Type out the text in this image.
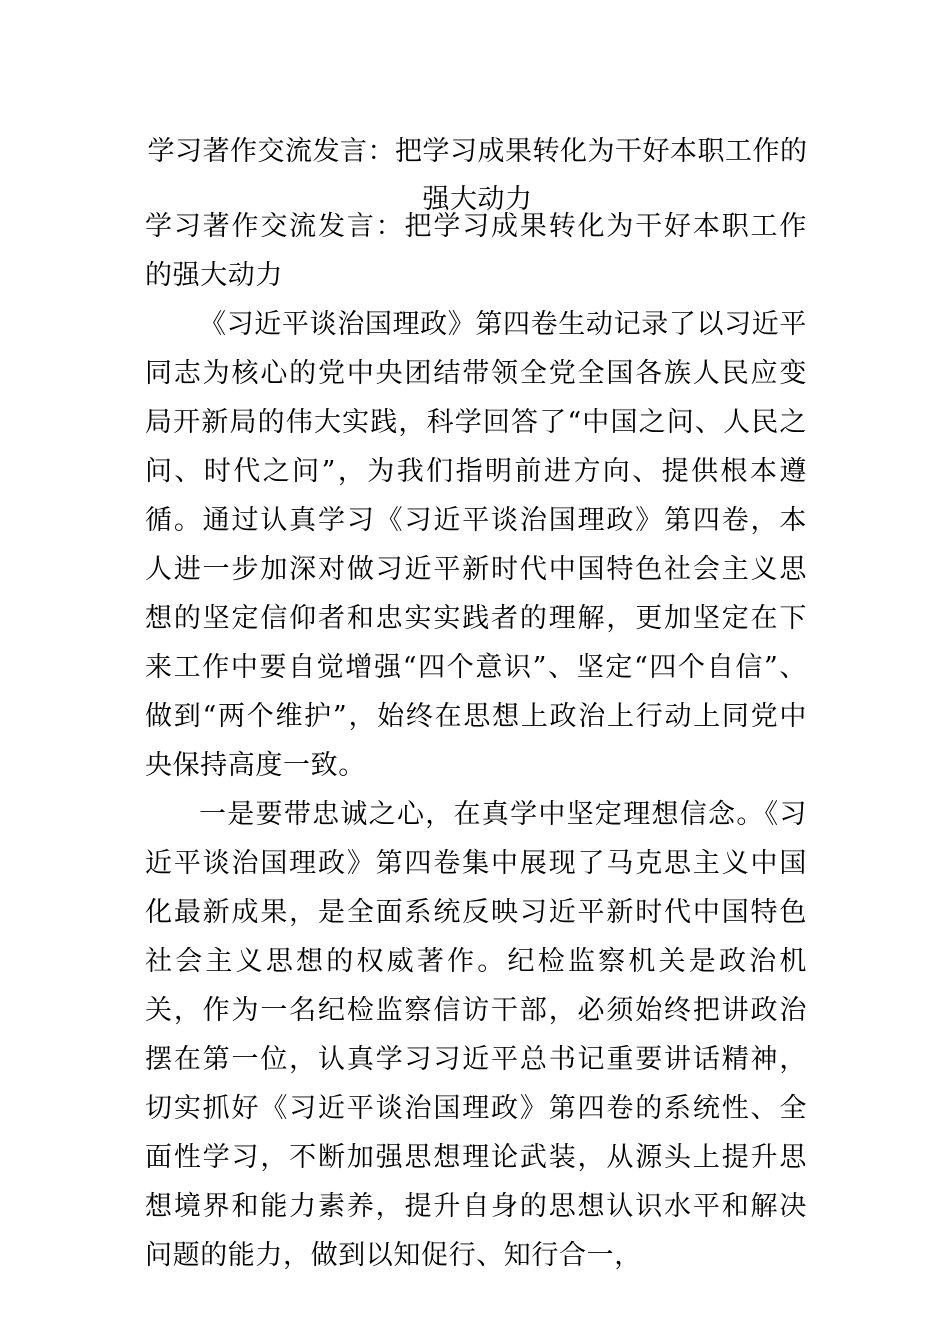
学习著作交流发言：把学习成果转化为干好本职工作的强大动力

学习著作交流发言：把学习成果转化为干好本职工作的强大动力

《习近平谈治国理政》第四卷生动记录了以习近平同志为核心的党中央团结带领全党全国各族人民应变局开新局的伟大实践，科学回答了“中国之问、人民之问、时代之问”，为我们指明前进方向、提供根本遵循。通过认真学习《习近平谈治国理政》第四卷，本人进一步加深对做习近平新时代中国特色社会主义思想的坚定信仰者和忠实实践者的理解，更加坚定在下来工作中要自觉增强“四个意识”、坚定“四个自信”、做到“两个维护”，始终在思想上政治上行动上同党中央保持高度一致。

一是要带忠诚之心，在真学中坚定理想信念。《习近平谈治国理政》第四卷集中展现了马克思主义中国化最新成果，是全面系统反映习近平新时代中国特色社会主义思想的权威著作。纪检监察机关是政治机关，作为一名纪检监察信访干部，必须始终把讲政治摆在第一位，认真学习习近平总书记重要讲话精神，切实抓好《习近平谈治国理政》第四卷的系统性、全面性学习，不断加强思想理论武装，从源头上提升思想境界和能力素养，提升自身的思想认识水平和解决问题的能力，做到以知促行、知行合一，
